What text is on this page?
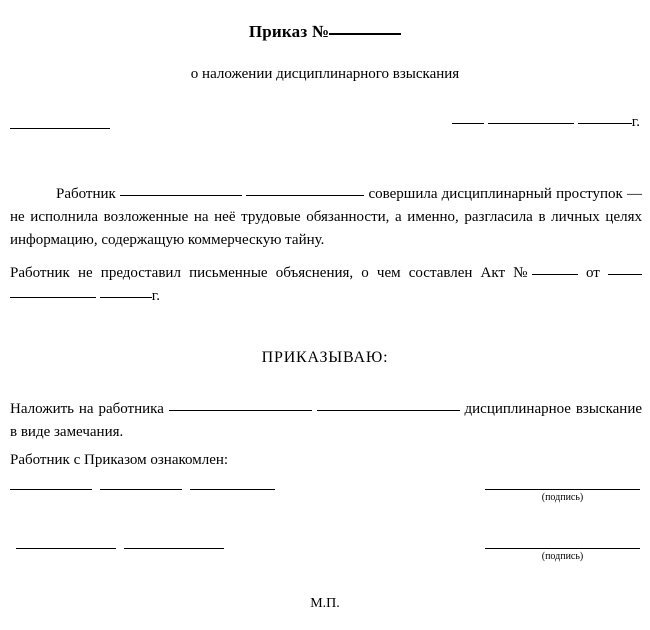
Приказ №
о наложении дисциплинарного взыскания
г.
Работник	совершила дисциплинарный проступок — не исполнила возложенные на неё трудовые обязанности, а именно, разгласила в личных целях информацию, содержащую коммерческую тайну.
Работник не предоставил письменные объяснения, о чем составлен Акт №	от   г.
ПРИКАЗЫВАЮ:
Наложить на работника	дисциплинарное взыскание в виде замечания.
Работник с Приказом ознакомлен:
(подпись)
(подпись)
М.П.
